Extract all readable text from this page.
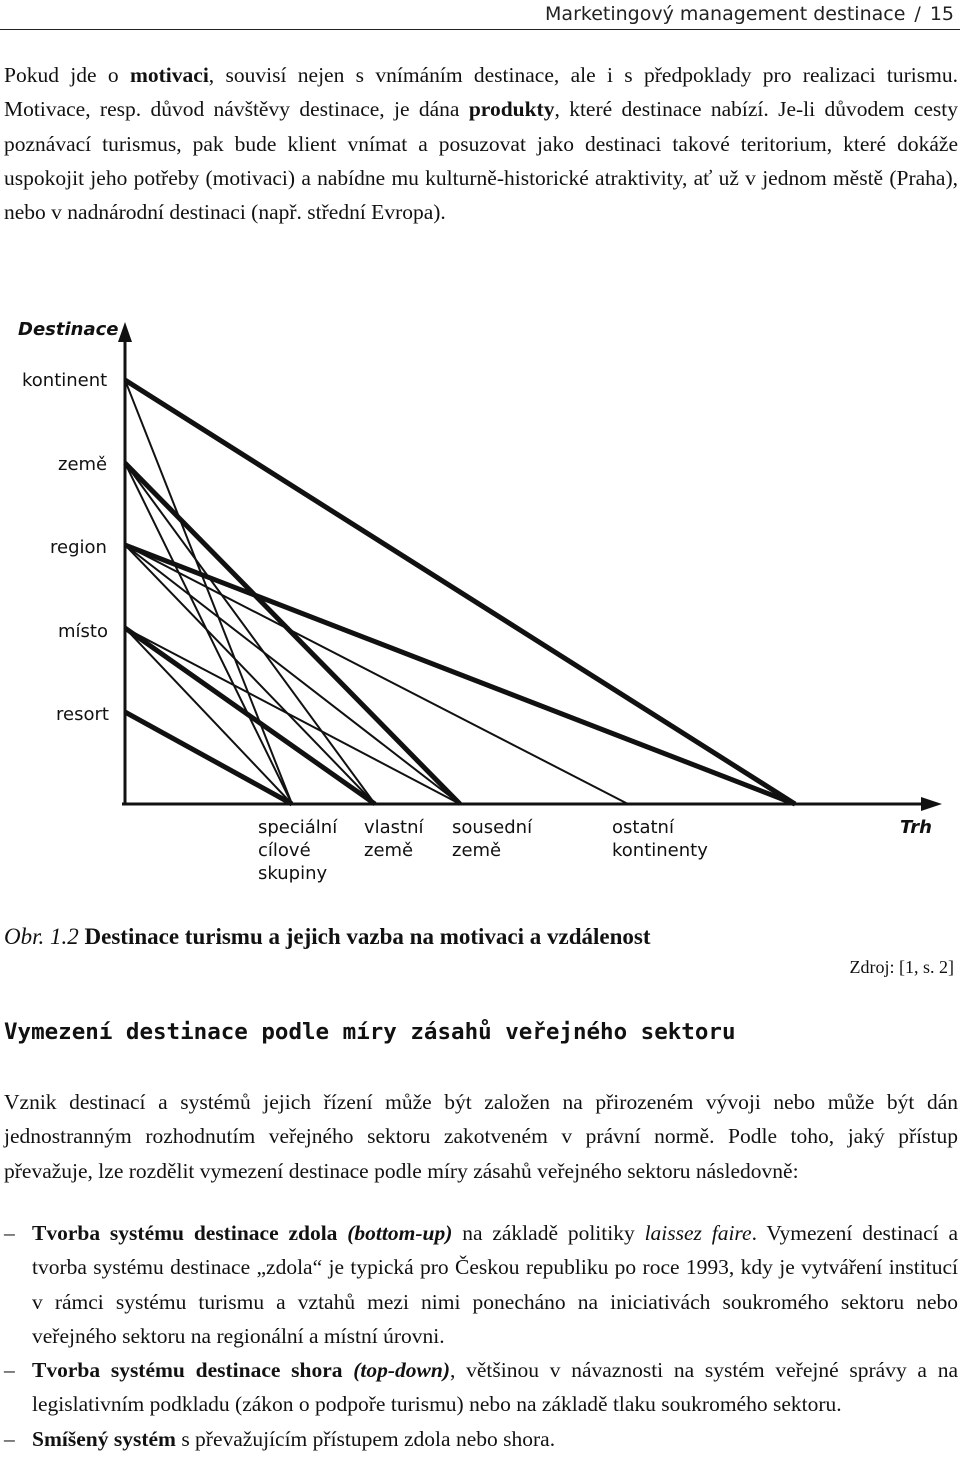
Marketingový management destinace / 15

Pokud jde o motivaci, souvisí nejen s vnímáním destinace, ale i s předpoklady pro realizaci turismu. Motivace, resp. důvod návštěvy destinace, je dána produkty, které destinace nabízí. Je-li důvodem cesty poznávací turismus, pak bude klient vnímat a posuzovat jako destinaci takové teritorium, které dokáže uspokojit jeho potřeby (motivaci) a nabídne mu kulturně-historické atraktivity, ať už v jednom městě (Praha), nebo v nadnárodní destinaci (např. střední Evropa).

Destinace
kontinent
země
region
místo
resort
speciální
cílové
skupiny
vlastní
země
sousední
země
ostatní
kontinenty
Trh
Obr. 1.2 Destinace turismu a jejich vazba na motivaci a vzdálenost
Zdroj: [1, s. 2]
Vymezení destinace podle míry zásahů veřejného sektoru

Vznik destinací a systémů jejich řízení může být založen na přirozeném vývoji nebo může být dán jednostranným rozhodnutím veřejného sektoru zakotveném v právní normě. Podle toho, jaký přístup převažuje, lze rozdělit vymezení destinace podle míry zásahů veřejného sektoru následovně:

– Tvorba systému destinace zdola (bottom-up) na základě politiky laissez faire. Vymezení destinací a tvorba systému destinace „zdola“ je typická pro Českou republiku po roce 1993, kdy je vytváření institucí v rámci systému turismu a vztahů mezi nimi ponecháno na iniciativách soukromého sektoru nebo veřejného sektoru na regionální a místní úrovni.
– Tvorba systému destinace shora (top-down), většinou v návaznosti na systém veřejné správy a na legislativním podkladu (zákon o podpoře turismu) nebo na základě tlaku soukromého sektoru.
– Smíšený systém s převažujícím přístupem zdola nebo shora.
